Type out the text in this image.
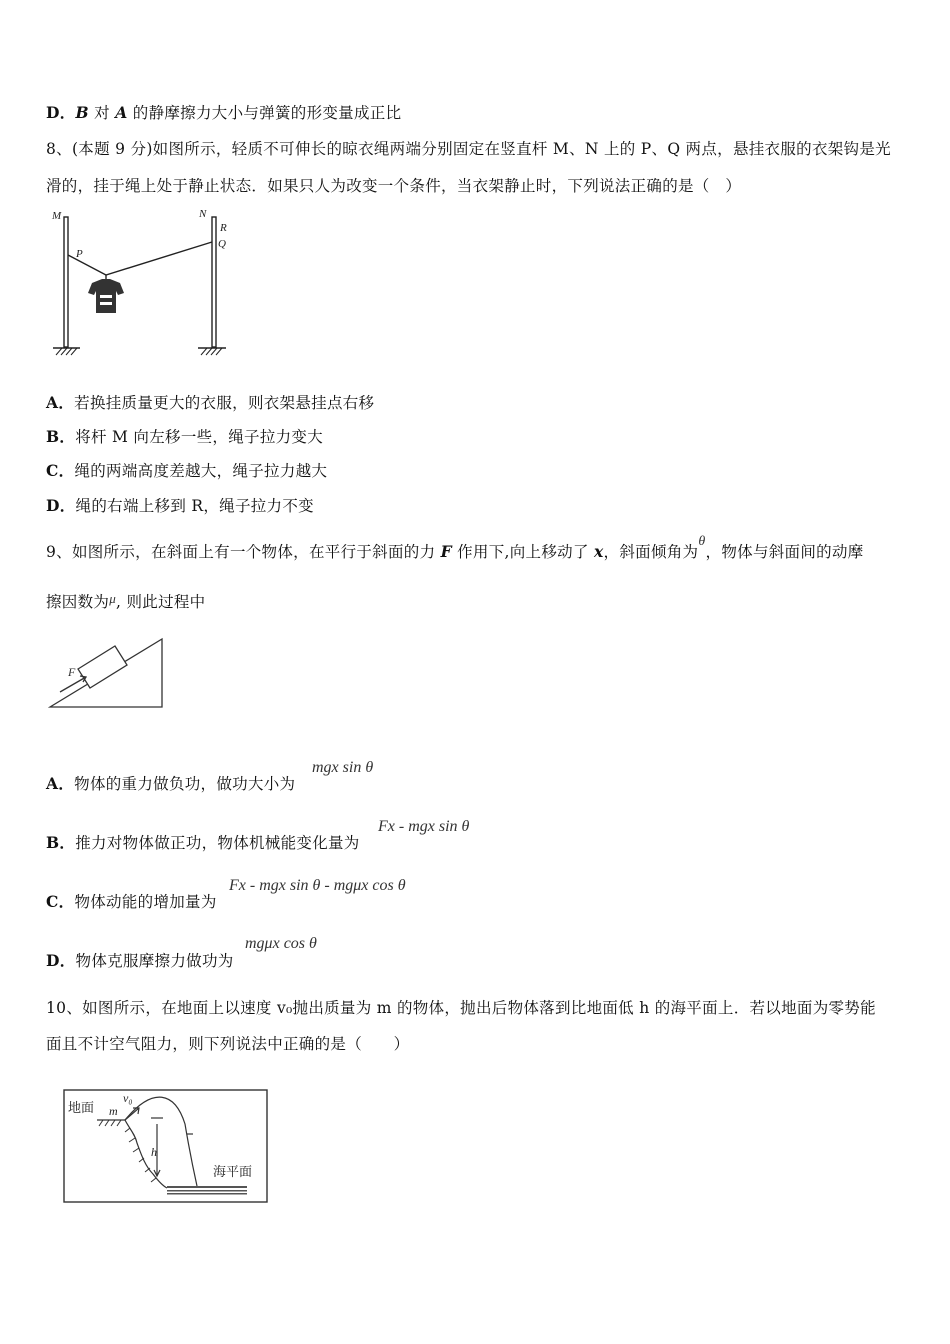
D．B 对 A 的静摩擦力大小与弹簧的形变量成正比
8、(本题 9 分)如图所示，轻质不可伸长的晾衣绳两端分别固定在竖直杆 M、N 上的 P、Q 两点，悬挂衣服的衣架钩是光
滑的，挂于绳上处于静止状态．如果只人为改变一个条件，当衣架静止时，下列说法正确的是（　）
M	N
P
R
Q
A．若换挂质量更大的衣服，则衣架悬挂点右移
B．将杆 M 向左移一些，绳子拉力变大
C．绳的两端高度差越大，绳子拉力越大
D．绳的右端上移到 R，绳子拉力不变
9、如图所示，在斜面上有一个物体，在平行于斜面的力 F 作用下,向上移动了 x，斜面倾角为θ，物体与斜面间的动摩
擦因数为$^\mu$, 则此过程中
F
A．物体的重力做负功，做功大小为
mgx sin θ
B．推力对物体做正功，物体机械能变化量为
Fx - mgx sin θ
C．物体动能的增加量为
Fx - mgx sin θ - mgμx cos θ
D．物体克服摩擦力做功为
mgμx cos θ
10、如图所示，在地面上以速度 v₀抛出质量为 m 的物体，抛出后物体落到比地面低 h 的海平面上．若以地面为零势能
面且不计空气阻力，则下列说法中正确的是（　　）
地面
海平面
m
v₀
h
